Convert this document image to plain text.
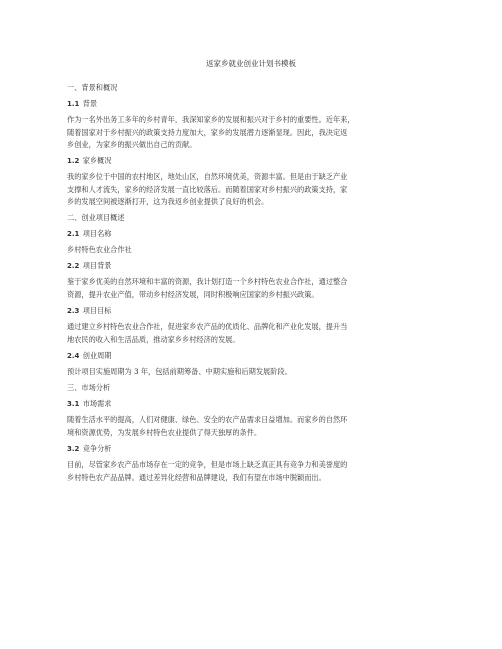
返家乡就业创业计划书模板
一、背景和概况
1.1 背景
作为一名外出务工多年的乡村青年，我深知家乡的发展和振兴对于乡村的重要性。近年来，
随着国家对于乡村振兴的政策支持力度加大，家乡的发展潜力逐渐显现。因此，我决定返
乡创业，为家乡的振兴做出自己的贡献。
1.2 家乡概况
我的家乡位于中国的农村地区，地处山区，自然环境优美，资源丰富。但是由于缺乏产业
支撑和人才流失，家乡的经济发展一直比较落后。而随着国家对乡村振兴的政策支持，家
乡的发展空间被逐渐打开，这为我返乡创业提供了良好的机会。
二、创业项目概述
2.1 项目名称
乡村特色农业合作社
2.2 项目背景
鉴于家乡优美的自然环境和丰富的资源，我计划打造一个乡村特色农业合作社，通过整合
资源，提升农业产值，带动乡村经济发展，同时积极响应国家的乡村振兴政策。
2.3 项目目标
通过建立乡村特色农业合作社，促进家乡农产品的优质化、品牌化和产业化发展，提升当
地农民的收入和生活品质，推动家乡乡村经济的发展。
2.4 创业周期
预计项目实施周期为 3 年，包括前期筹备、中期实施和后期发展阶段。
三、市场分析
3.1 市场需求
随着生活水平的提高，人们对健康、绿色、安全的农产品需求日益增加。而家乡的自然环
境和资源优势，为发展乡村特色农业提供了得天独厚的条件。
3.2 竞争分析
目前，尽管家乡农产品市场存在一定的竞争，但是市场上缺乏真正具有竞争力和美誉度的
乡村特色农产品品牌。通过差异化经营和品牌建设，我们有望在市场中脱颖而出。
